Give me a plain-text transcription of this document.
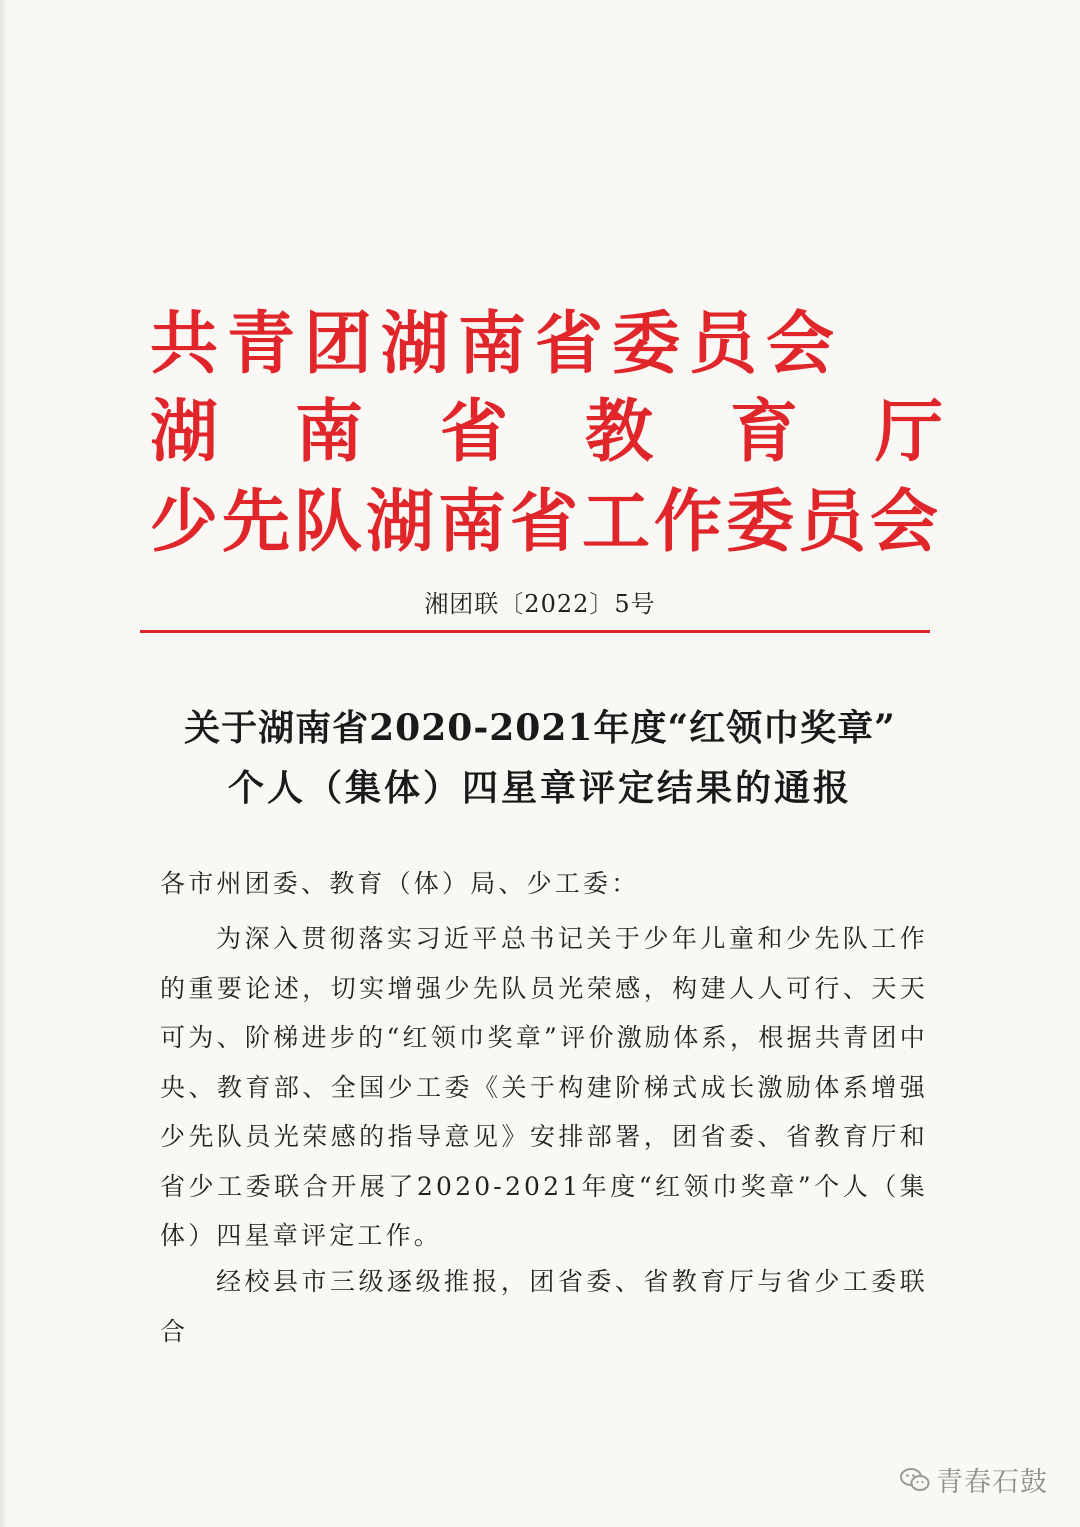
共青团湖南省委员会
湖南省教育厅
少先队湖南省工作委员会
湘团联〔2022〕5号
关于湖南省2020-2021年度“红领巾奖章”
个人（集体）四星章评定结果的通报
各市州团委、教育（体）局、少工委：
为深入贯彻落实习近平总书记关于少年儿童和少先队工作的重要论述，切实增强少先队员光荣感，构建人人可行、天天可为、阶梯进步的“红领巾奖章”评价激励体系，根据共青团中央、教育部、全国少工委《关于构建阶梯式成长激励体系增强少先队员光荣感的指导意见》安排部署，团省委、省教育厅和省少工委联合开展了2020-2021年度“红领巾奖章”个人（集体）四星章评定工作。
经校县市三级逐级推报，团省委、省教育厅与省少工委联合
青春石鼓
